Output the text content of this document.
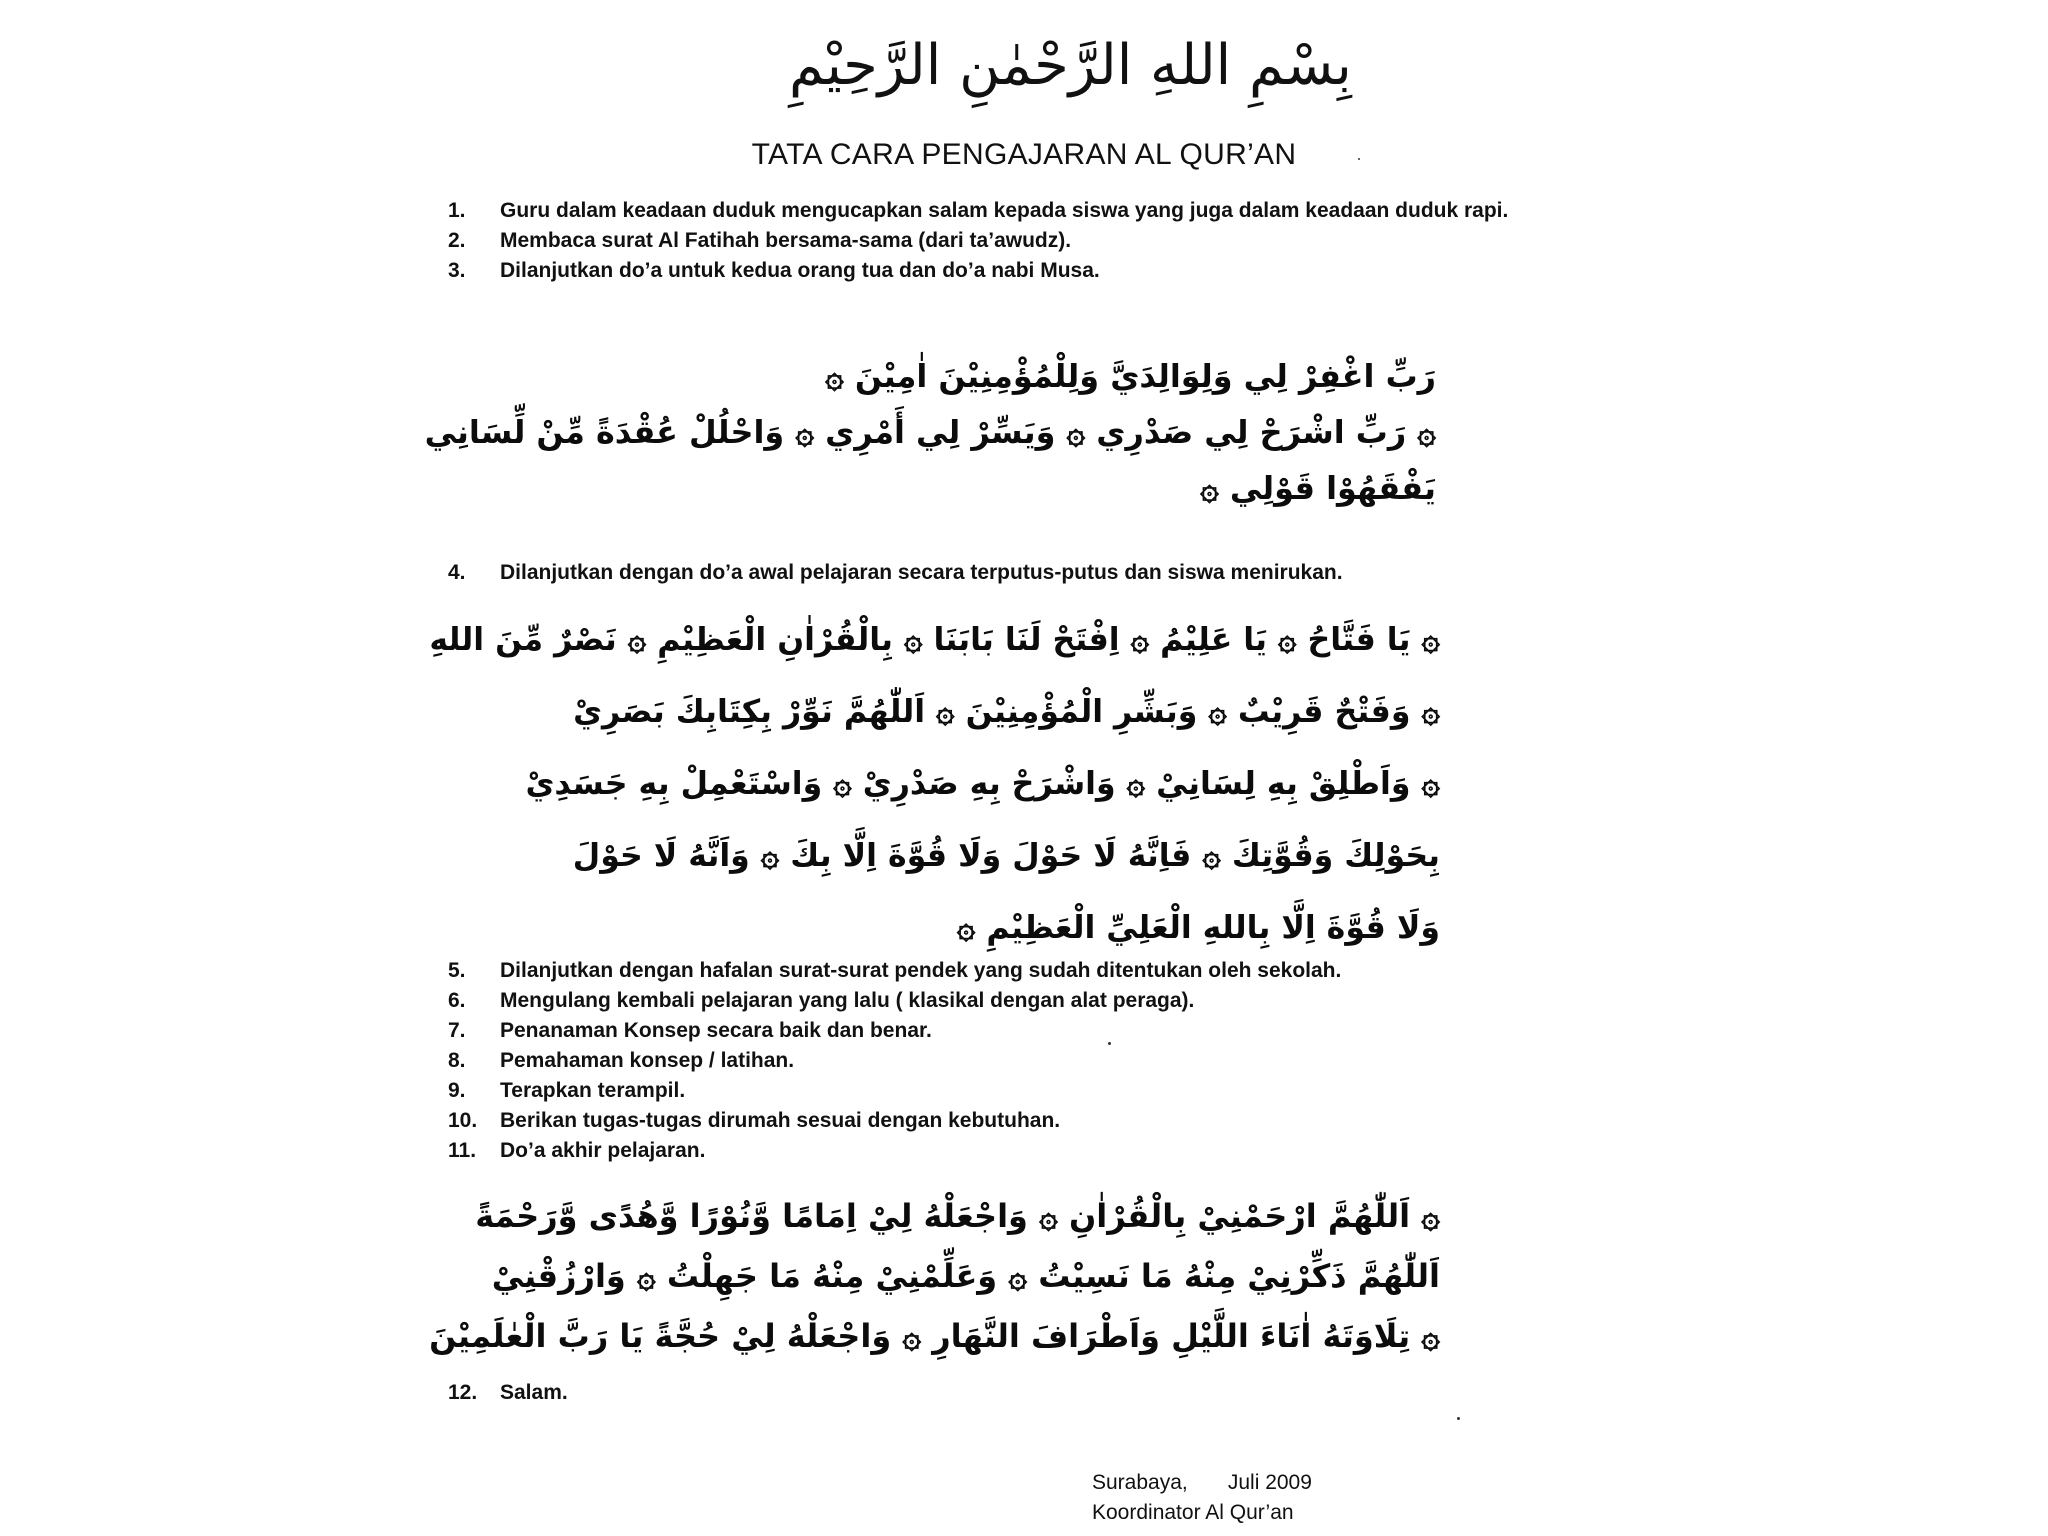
بِسْمِ اللهِ الرَّحْمٰنِ الرَّحِيْمِ
TATA CARA PENGAJARAN AL QUR’AN
1.	Guru dalam keadaan duduk mengucapkan salam kepada siswa yang juga dalam keadaan duduk rapi.
2.	Membaca surat Al Fatihah bersama-sama (dari ta’awudz).
3.	Dilanjutkan do’a untuk kedua orang tua dan do’a nabi Musa.
رَبِّ اغْفِرْ لِي وَلِوَالِدَيَّ وَلِلْمُؤْمِنِيْنَ اٰمِيْنَ ۞
۞ رَبِّ اشْرَحْ لِي صَدْرِي ۞ وَيَسِّرْ لِي أَمْرِي ۞ وَاحْلُلْ عُقْدَةً مِّنْ لِّسَانِي
يَفْقَهُوْا قَوْلِي ۞
4.	Dilanjutkan dengan do’a awal pelajaran secara terputus-putus dan siswa menirukan.
۞ يَا فَتَّاحُ ۞ يَا عَلِيْمُ ۞ اِفْتَحْ لَنَا بَابَنَا ۞ بِالْقُرْاٰنِ الْعَظِيْمِ ۞ نَصْرٌ مِّنَ اللهِ
۞ وَفَتْحٌ قَرِيْبٌ ۞ وَبَشِّرِ الْمُؤْمِنِيْنَ ۞ اَللّٰهُمَّ نَوِّرْ بِكِتَابِكَ بَصَرِيْ
۞ وَاَطْلِقْ بِهِ لِسَانِيْ ۞ وَاشْرَحْ بِهِ صَدْرِيْ ۞ وَاسْتَعْمِلْ بِهِ جَسَدِيْ
بِحَوْلِكَ وَقُوَّتِكَ ۞ فَاِنَّهُ لَا حَوْلَ وَلَا قُوَّةَ اِلَّا بِكَ ۞ وَاَنَّهُ لَا حَوْلَ
وَلَا قُوَّةَ اِلَّا بِاللهِ الْعَلِيِّ الْعَظِيْمِ ۞
5.	Dilanjutkan dengan hafalan surat-surat pendek yang sudah ditentukan oleh sekolah.
6.	Mengulang kembali pelajaran yang lalu ( klasikal dengan alat peraga).
7.	Penanaman Konsep secara baik dan benar.
8.	Pemahaman konsep / latihan.
9.	Terapkan terampil.
10.	Berikan tugas-tugas dirumah sesuai dengan kebutuhan.
11.	Do’a akhir pelajaran.
۞ اَللّٰهُمَّ ارْحَمْنِيْ بِالْقُرْاٰنِ ۞ وَاجْعَلْهُ لِيْ اِمَامًا وَّنُوْرًا وَّهُدًى وَّرَحْمَةً
اَللّٰهُمَّ ذَكِّرْنِيْ مِنْهُ مَا نَسِيْتُ ۞ وَعَلِّمْنِيْ مِنْهُ مَا جَهِلْتُ ۞ وَارْزُقْنِيْ
۞ تِلَاوَتَهُ اٰنَاءَ اللَّيْلِ وَاَطْرَافَ النَّهَارِ ۞ وَاجْعَلْهُ لِيْ حُجَّةً يَا رَبَّ الْعٰلَمِيْنَ
12.	Salam.
Surabaya, Juli 2009
Koordinator Al Qur’an
